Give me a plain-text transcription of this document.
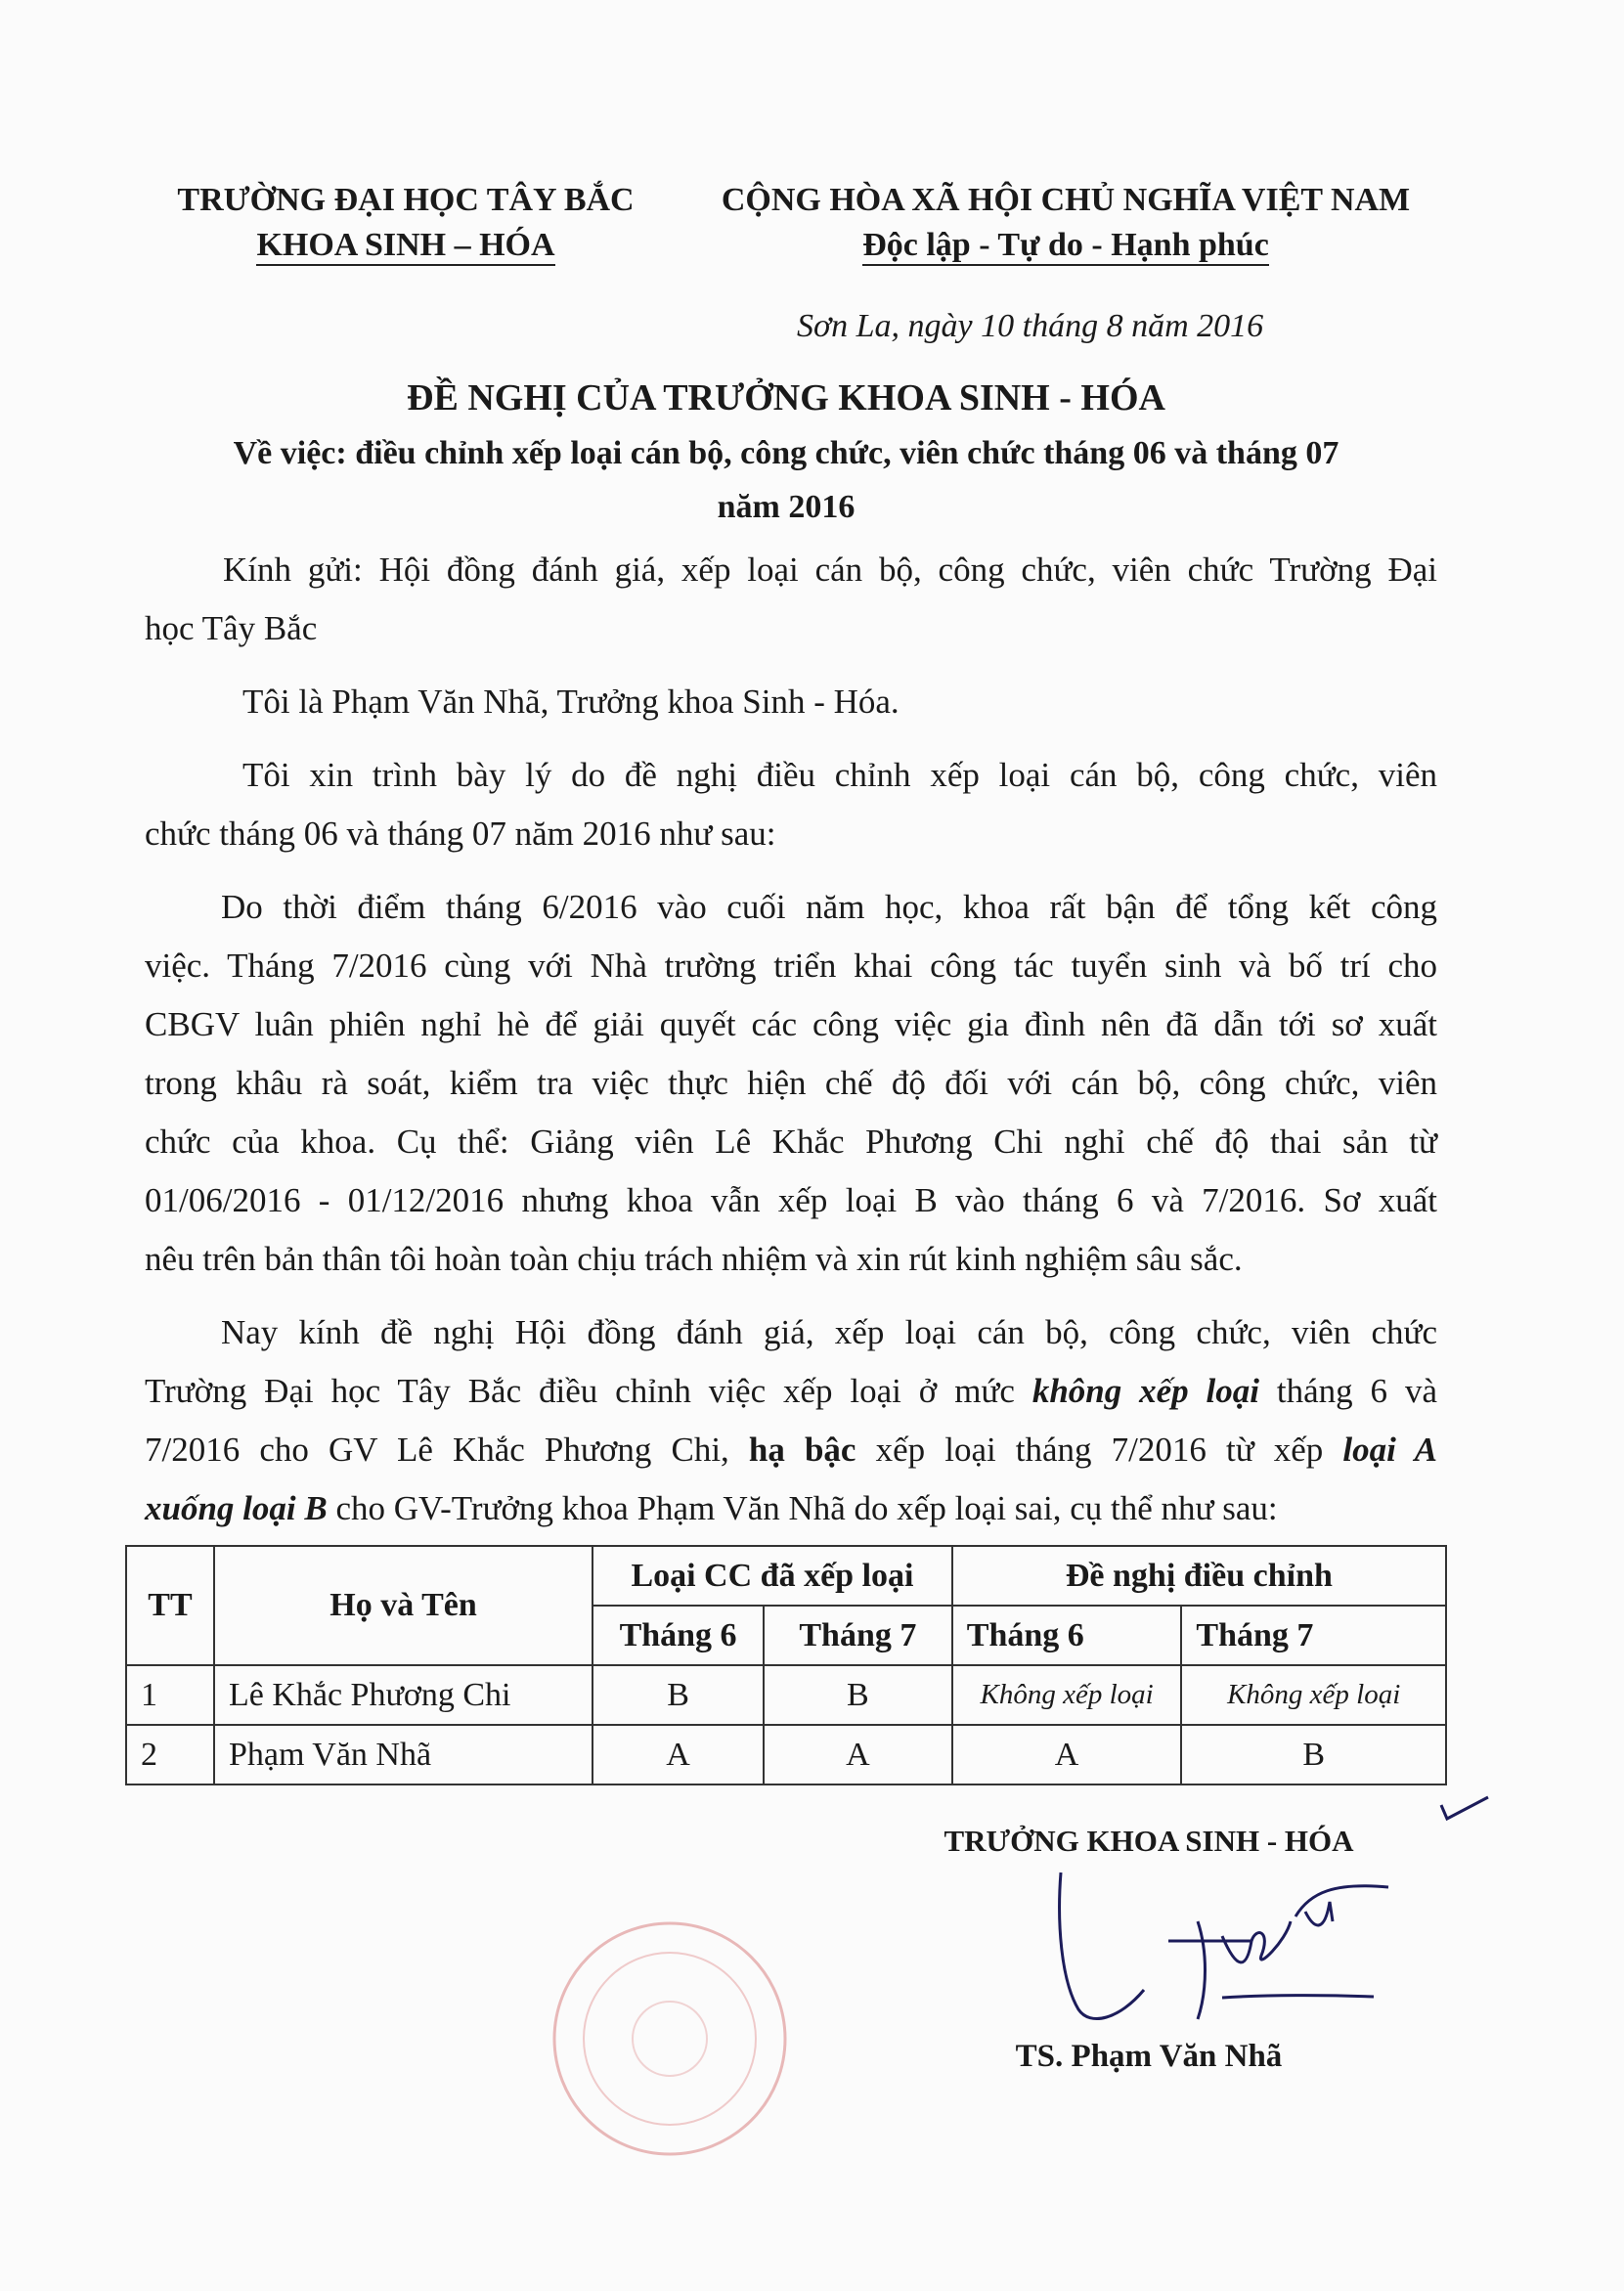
TRƯỜNG ĐẠI HỌC TÂY BẮC
KHOA SINH – HÓA
CỘNG HÒA XÃ HỘI CHỦ NGHĨA VIỆT NAM
Độc lập - Tự do - Hạnh phúc
Sơn La, ngày 10 tháng 8 năm 2016
ĐỀ NGHỊ CỦA TRƯỞNG KHOA SINH - HÓA
Về việc: điều chỉnh xếp loại cán bộ, công chức, viên chức tháng 06 và tháng 07
năm 2016
Kính gửi: Hội đồng đánh giá, xếp loại cán bộ, công chức, viên chức Trường Đại
học Tây Bắc
Tôi là Phạm Văn Nhã, Trưởng khoa Sinh - Hóa.
Tôi xin trình bày lý do đề nghị điều chỉnh xếp loại cán bộ, công chức, viên
chức tháng 06 và tháng 07 năm 2016 như sau:
Do thời điểm tháng 6/2016 vào cuối năm học, khoa rất bận để tổng kết công
việc. Tháng 7/2016 cùng với Nhà trường triển khai công tác tuyển sinh và bố trí cho
CBGV luân phiên nghỉ hè để giải quyết các công việc gia đình nên đã dẫn tới sơ xuất
trong khâu rà soát, kiểm tra việc thực hiện chế độ đối với cán bộ, công chức, viên
chức của khoa. Cụ thể: Giảng viên Lê Khắc Phương Chi nghỉ chế độ thai sản từ
01/06/2016 - 01/12/2016 nhưng khoa vẫn xếp loại B vào tháng 6 và 7/2016. Sơ xuất
nêu trên bản thân tôi hoàn toàn chịu trách nhiệm và xin rút kinh nghiệm sâu sắc.
Nay kính đề nghị Hội đồng đánh giá, xếp loại cán bộ, công chức, viên chức
Trường Đại học Tây Bắc điều chỉnh việc xếp loại ở mức không xếp loại tháng 6 và
7/2016 cho GV Lê Khắc Phương Chi, hạ bậc xếp loại tháng 7/2016 từ xếp loại A
xuống loại B cho GV-Trưởng khoa Phạm Văn Nhã do xếp loại sai, cụ thể như sau:
TT	Họ và Tên	Loại CC đã xếp loại		Đề nghị điều chỉnh	
		Tháng 6	Tháng 7	Tháng 6	Tháng 7
1	Lê Khắc Phương Chi	B	B	Không xếp loại	Không xếp loại
2	Phạm Văn Nhã	A	A	A	B
TRƯỞNG KHOA SINH - HÓA
TS. Phạm Văn Nhã
